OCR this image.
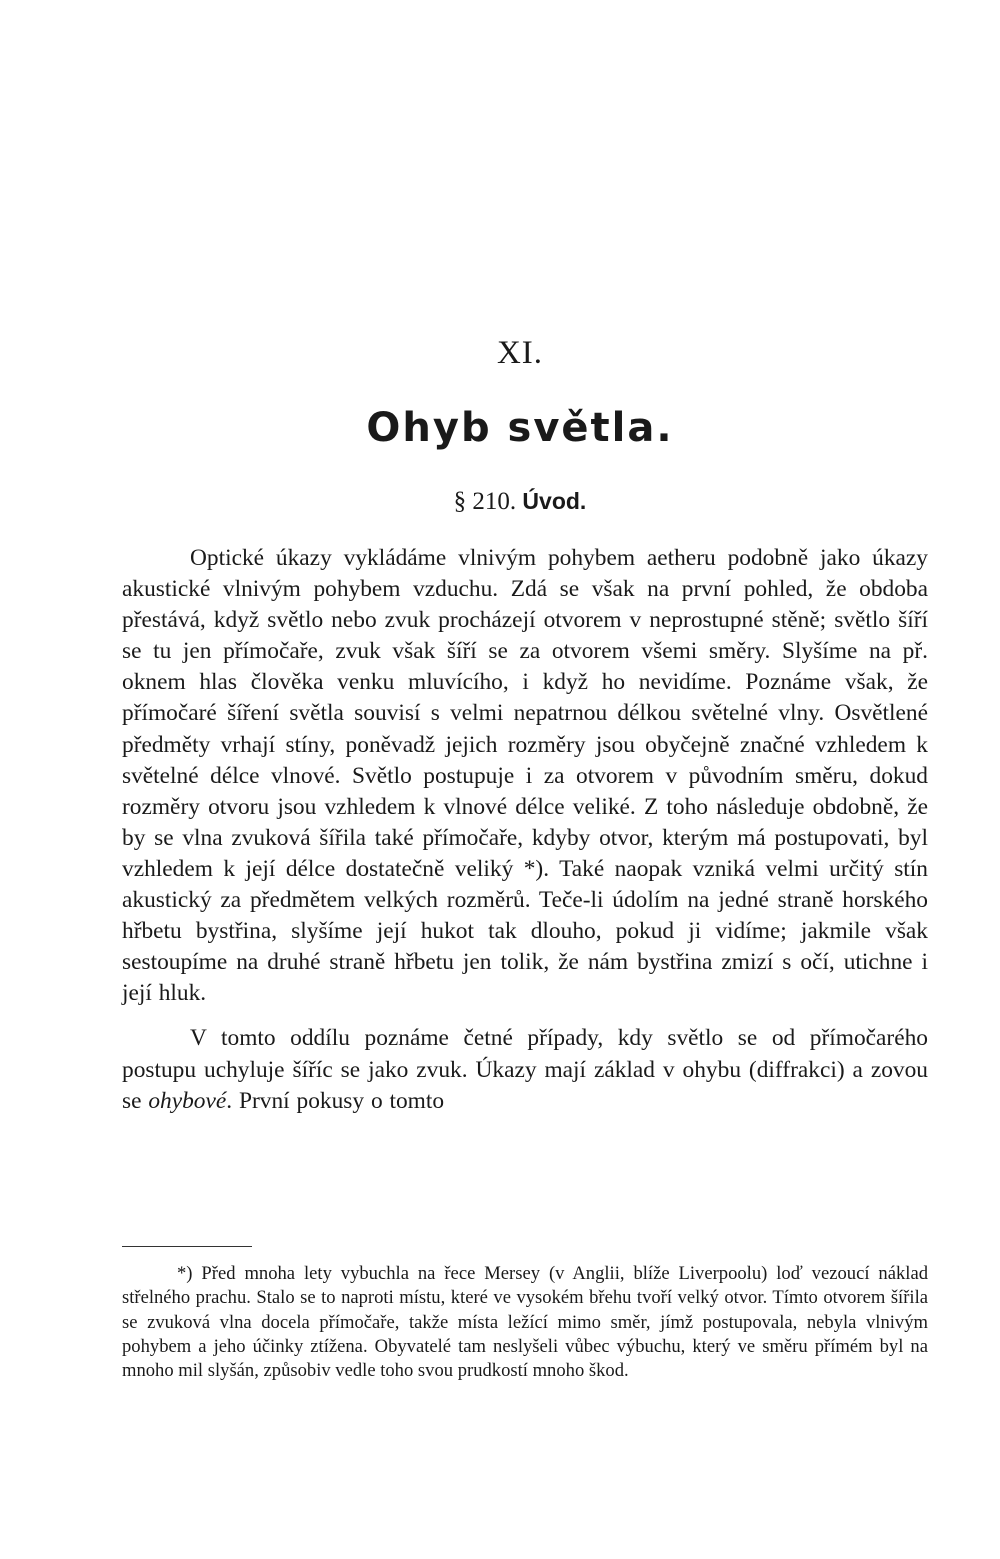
XI.
Ohyb světla.
§ 210. Úvod.

Optické úkazy vykládáme vlnivým pohybem aetheru podobně jako úkazy akustické vlnivým pohybem vzduchu. Zdá se však na první pohled, že obdoba přestává, když světlo nebo zvuk procházejí otvorem v neprostupné stěně; světlo šíří se tu jen přímočaře, zvuk však šíří se za otvorem všemi směry. Slyšíme na př. oknem hlas člověka venku mluvícího, i když ho nevidíme. Poznáme však, že přímočaré šíření světla souvisí s velmi nepatrnou délkou světelné vlny. Osvětlené předměty vrhají stíny, poněvadž jejich rozměry jsou obyčejně značné vzhledem k světelné délce vlnové. Světlo postupuje i za otvorem v původním směru, dokud rozměry otvoru jsou vzhledem k vlnové délce veliké. Z toho následuje obdobně, že by se vlna zvuková šířila také přímočaře, kdyby otvor, kterým má postupovati, byl vzhledem k její délce dostatečně veliký *). Také naopak vzniká velmi určitý stín akustický za předmětem velkých rozměrů. Teče-li údolím na jedné straně horského hřbetu bystřina, slyšíme její hukot tak dlouho, pokud ji vidíme; jakmile však sestoupíme na druhé straně hřbetu jen tolik, že nám bystřina zmizí s očí, utichne i její hluk.

V tomto oddílu poznáme četné případy, kdy světlo se od přímočarého postupu uchyluje šíříc se jako zvuk. Úkazy mají základ v ohybu (diffrakci) a zovou se ohybové. První pokusy o tomto

*) Před mnoha lety vybuchla na řece Mersey (v Anglii, blíže Liverpoolu) loď vezoucí náklad střelného prachu. Stalo se to naproti místu, které ve vysokém břehu tvoří velký otvor. Tímto otvorem šířila se zvuková vlna docela přímočaře, takže místa ležící mimo směr, jímž postupovala, nebyla vlnivým pohybem a jeho účinky ztížena. Obyvatelé tam neslyšeli vůbec výbuchu, který ve směru přímém byl na mnoho mil slyšán, způsobiv vedle toho svou prudkostí mnoho škod.
